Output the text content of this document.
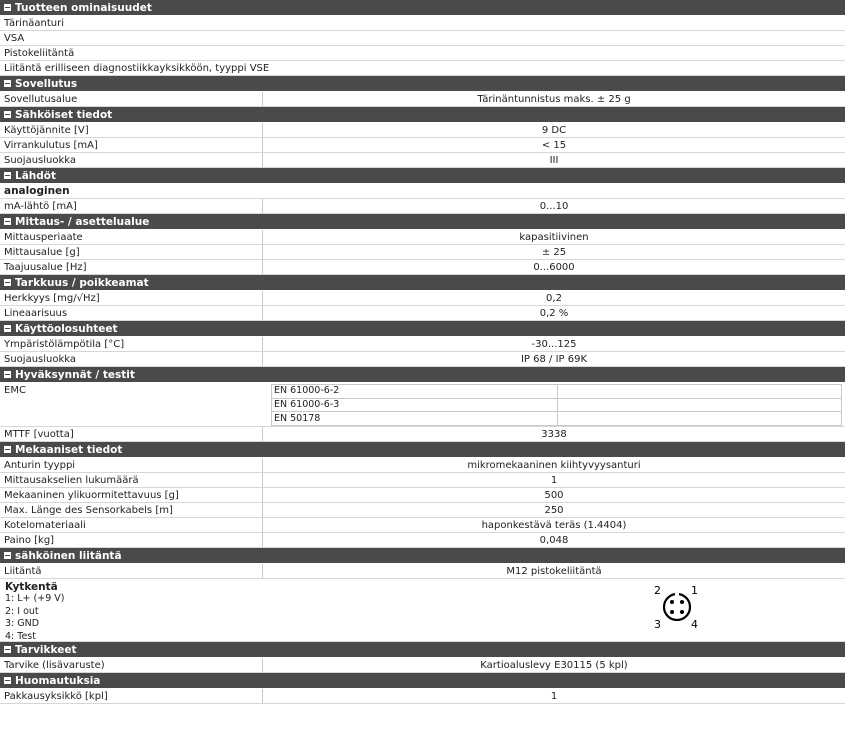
Tuotteen ominaisuudet
Tärinäanturi
VSA
Pistokeliitäntä
Liitäntä erilliseen diagnostiikkayksikköön, tyyppi VSE
Sovellutus
Sovellutusalue	Tärinäntunnistus maks. ± 25 g
Sähköiset tiedot
Käyttöjännite [V]	9 DC
Virrankulutus [mA]	< 15
Suojausluokka	III
Lähdöt
analoginen
mA-lähtö [mA]	0...10
Mittaus- / asettelualue
Mittausperiaate	kapasitiivinen
Mittausalue [g]	± 25
Taajuusalue [Hz]	0...6000
Tarkkuus / poikkeamat
Herkkyys [mg/√Hz]	0,2
Lineaarisuus	0,2 %
Käyttöolosuhteet
Ympäristölämpötila [°C]	-30...125
Suojausluokka	IP 68 / IP 69K
Hyväksynnät / testit
EMC	EN 61000-6-2	
EN 61000-6-3	
EN 50178	
MTTF [vuotta]	3338
Mekaaniset tiedot
Anturin tyyppi	mikromekaaninen kiihtyvyysanturi
Mittausakselien lukumäärä	1
Mekaaninen ylikuormitettavuus [g]	500
Max. Länge des Sensorkabels [m]	250
Kotelomateriaali	haponkestävä teräs (1.4404)
Paino [kg]	0,048
sähköinen liitäntä
Liitäntä	M12 pistokeliitäntä
Kytkentä
1: L+ (+9 V)
2: I out
3: GND
4: Test
2	1
3	4
Tarvikkeet
Tarvike (lisävaruste)	Kartioaluslevy E30115 (5 kpl)
Huomautuksia
Pakkausyksikkö [kpl]	1
